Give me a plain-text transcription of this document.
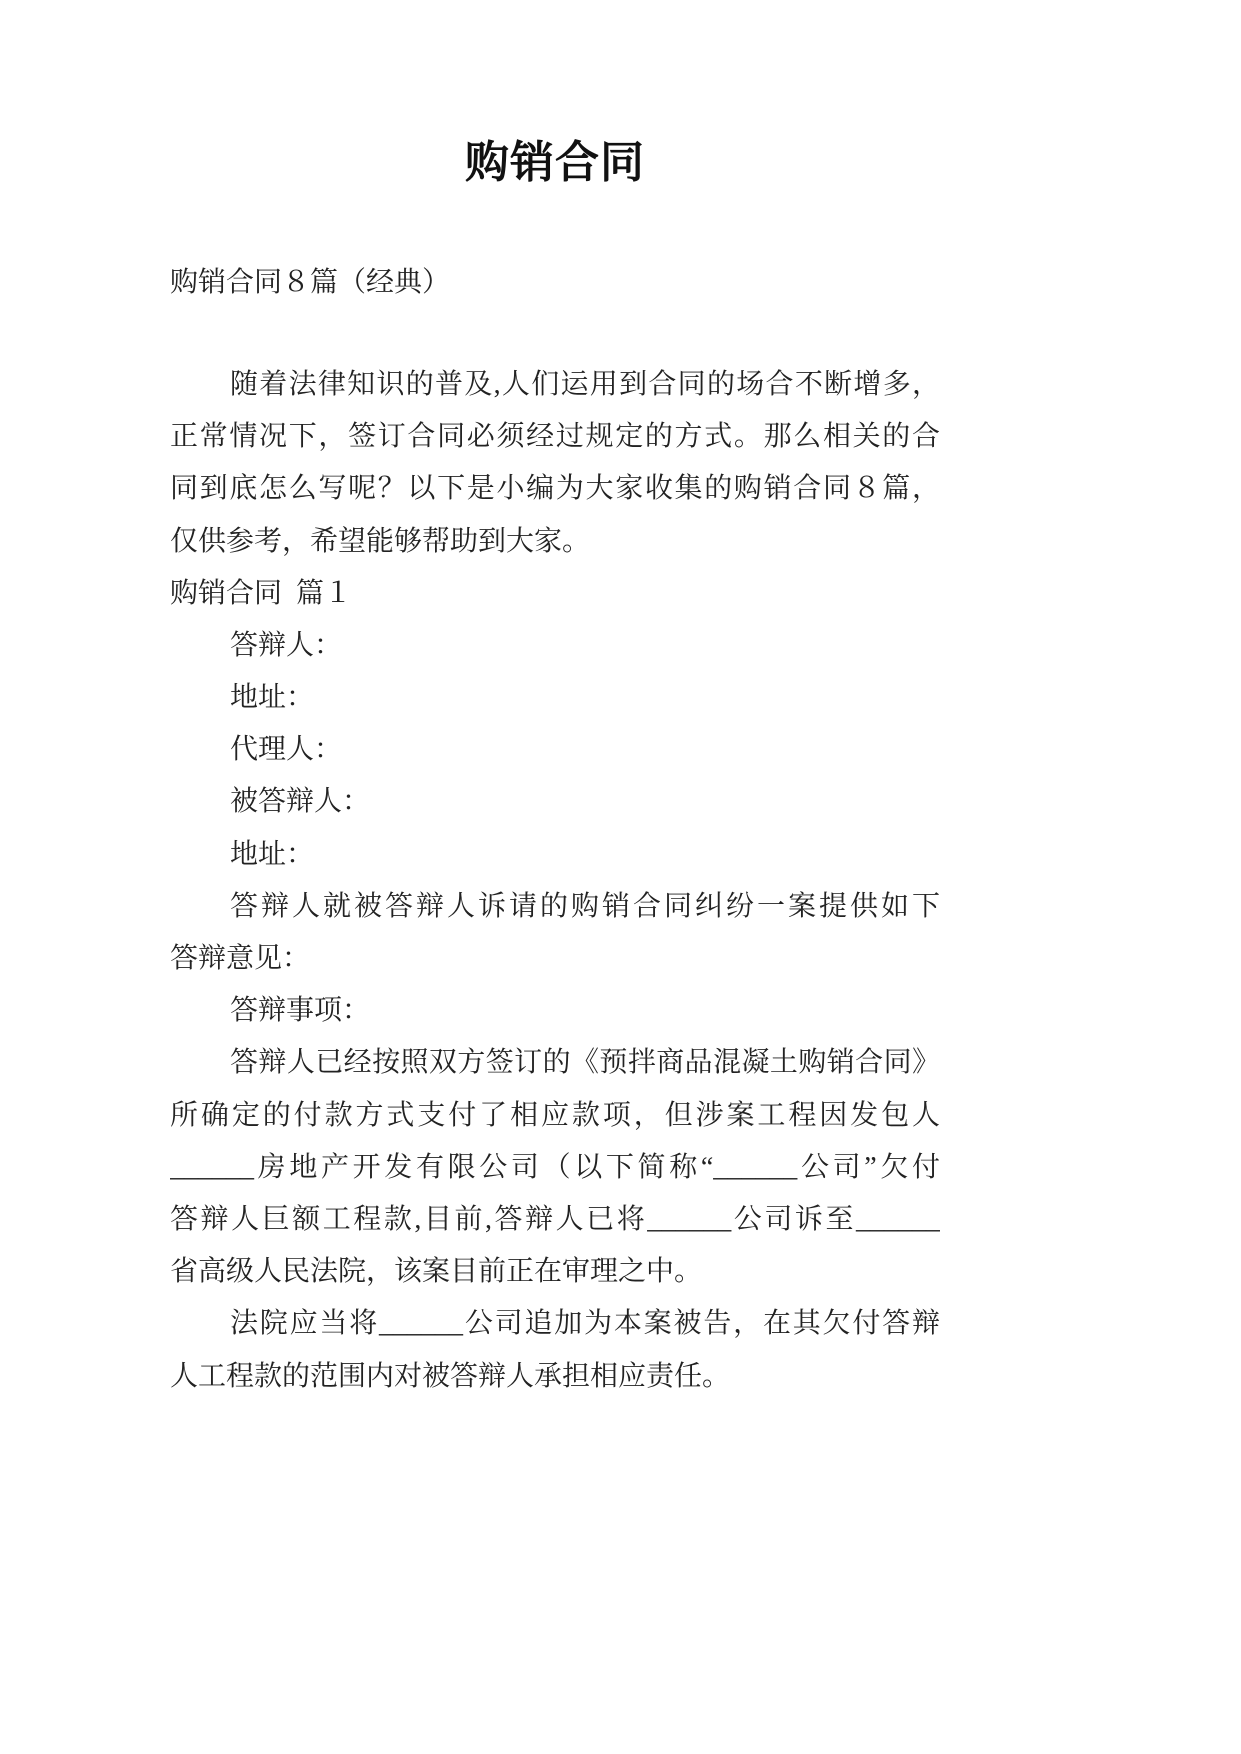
购销合同
购销合同８篇（经典）
随着法律知识的普及,人们运用到合同的场合不断增多，
正常情况下，签订合同必须经过规定的方式。那么相关的合
同到底怎么写呢？以下是小编为大家收集的购销合同８篇，
仅供参考，希望能够帮助到大家。
购销合同  篇１
答辩人：
地址：
代理人：
被答辩人：
地址：
答辩人就被答辩人诉请的购销合同纠纷一案提供如下
答辩意见：
答辩事项：
答辩人已经按照双方签订的《预拌商品混凝土购销合同》
所确定的付款方式支付了相应款项，但涉案工程因发包人
______房地产开发有限公司（以下简称“______公司”欠付
答辩人巨额工程款,目前,答辩人已将______公司诉至______
省高级人民法院，该案目前正在审理之中。
法院应当将______公司追加为本案被告，在其欠付答辩
人工程款的范围内对被答辩人承担相应责任。
